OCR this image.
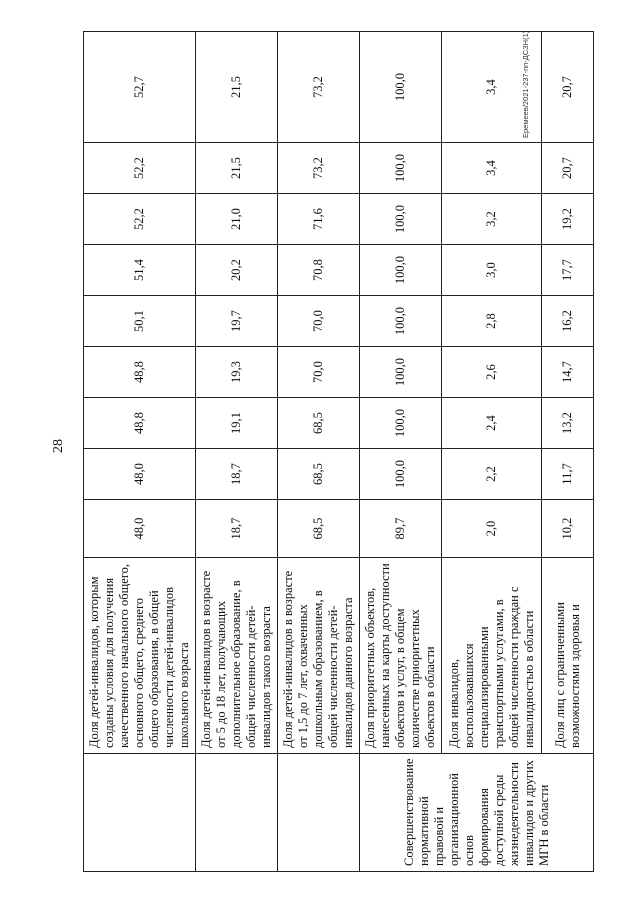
28
Еремеев/2021-237-пп-ДСЗН(1)
	Доля детей-инвалидов, которым созданы условия для получения качественного начального общего, основного общего, среднего общего образования, в общей численности детей-инвалидов школьного возраста	48,0	48,0	48,8	48,8	50,1	51,4	52,2	52,2	52,7
	Доля детей-инвалидов в возрасте от 5 до 18 лет, получающих дополнительное образование, в общей численности детей-инвалидов такого возраста	18,7	18,7	19,1	19,3	19,7	20,2	21,0	21,5	21,5
	Доля детей-инвалидов в возрасте от 1,5 до 7 лет, охваченных дошкольным образованием, в общей численности детей-инвалидов данного возраста	68,5	68,5	68,5	70,0	70,0	70,8	71,6	73,2	73,2
Совершенствование нормативной правовой и организационной основ формирования доступной среды жизнедеятельности инвалидов и других МГН в области	Доля приоритетных объектов, нанесенных на карты доступности объектов и услуг, в общем количестве приоритетных объектов в области	89,7	100,0	100,0	100,0	100,0	100,0	100,0	100,0	100,0
	Доля инвалидов, воспользовавшихся специализированными транспортными услугами, в общей численности граждан с инвалидностью в области	2,0	2,2	2,4	2,6	2,8	3,0	3,2	3,4	3,4
	Доля лиц с ограниченными возможностями здоровья и	10,2	11,7	13,2	14,7	16,2	17,7	19,2	20,7	20,7
